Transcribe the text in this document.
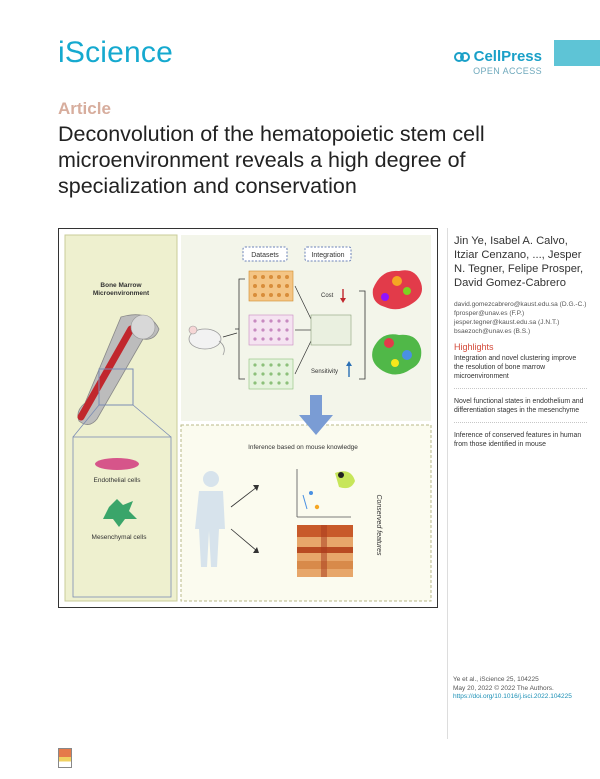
iScience	CellPress
OPEN ACCESS
Article
Deconvolution of the hematopoietic stem cell microenvironment reveals a high degree of specialization and conservation
Bone Marrow
Microenvironment
Endothelial cells
Mesenchymal cells
Datasets	Integration
Cost
Sensitivity
Inference based on mouse knowledge
Conserved features
Jin Ye, Isabel A. Calvo, Itziar Cenzano, ..., Jesper N. Tegner, Felipe Prosper, David Gomez-Cabrero
david.gomezcabrero@kaust.edu.sa (D.G.-C.)
fprosper@unav.es (F.P.)
jesper.tegner@kaust.edu.sa (J.N.T.)
bsaezoch@unav.es (B.S.)
Highlights
Integration and novel clustering improve the resolution of bone marrow microenvironment
Novel functional states in endothelium and differentiation stages in the mesenchyme
Inference of conserved features in human from those identified in mouse
Ye et al., iScience 25, 104225
May 20, 2022 © 2022 The Authors.
https://doi.org/10.1016/j.isci.2022.104225
